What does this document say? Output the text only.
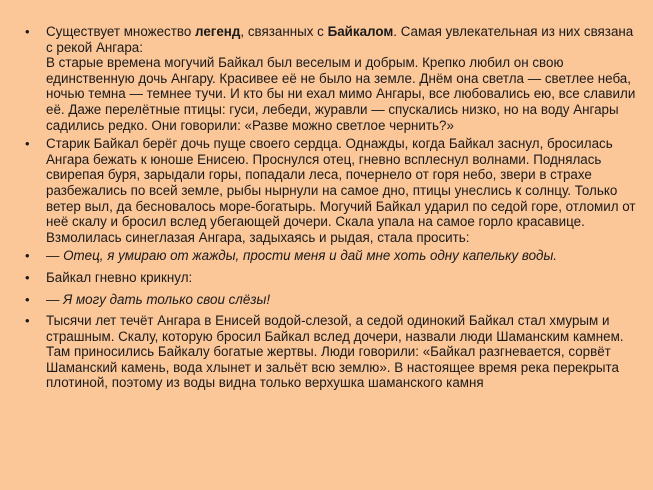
• Существует множество легенд, связанных с Байкалом. Самая увлекательная из них связана с рекой Ангара:
В старые времена могучий Байкал был веселым и добрым. Крепко любил он свою единственную дочь Ангару. Красивее её не было на земле. Днём она светла — светлее неба, ночью темна — темнее тучи. И кто бы ни ехал мимо Ангары, все любовались ею, все славили её. Даже перелётные птицы: гуси, лебеди, журавли — спускались низко, но на воду Ангары садились редко. Они говорили: «Разве можно светлое чернить?»
• Старик Байкал берёг дочь пуще своего сердца. Однажды, когда Байкал заснул, бросилась Ангара бежать к юноше Енисею. Проснулся отец, гневно всплеснул волнами. Поднялась свирепая буря, зарыдали горы, попадали леса, почернело от горя небо, звери в страхе разбежались по всей земле, рыбы нырнули на самое дно, птицы унеслись к солнцу. Только ветер выл, да бесновалось море-богатырь. Могучий Байкал ударил по седой горе, отломил от неё скалу и бросил вслед убегающей дочери. Скала упала на самое горло красавице. Взмолилась синеглазая Ангара, задыхаясь и рыдая, стала просить:
• — Отец, я умираю от жажды, прости меня и дай мне хоть одну капельку воды.
• Байкал гневно крикнул:
• — Я могу дать только свои слёзы!
• Тысячи лет течёт Ангара в Енисей водой-слезой, а седой одинокий Байкал стал хмурым и страшным. Скалу, которую бросил Байкал вслед дочери, назвали люди Шаманским камнем. Там приносились Байкалу богатые жертвы. Люди говорили: «Байкал разгневается, сорвёт Шаманский камень, вода хлынет и зальёт всю землю». В настоящее время река перекрыта плотиной, поэтому из воды видна только верхушка шаманского камня
